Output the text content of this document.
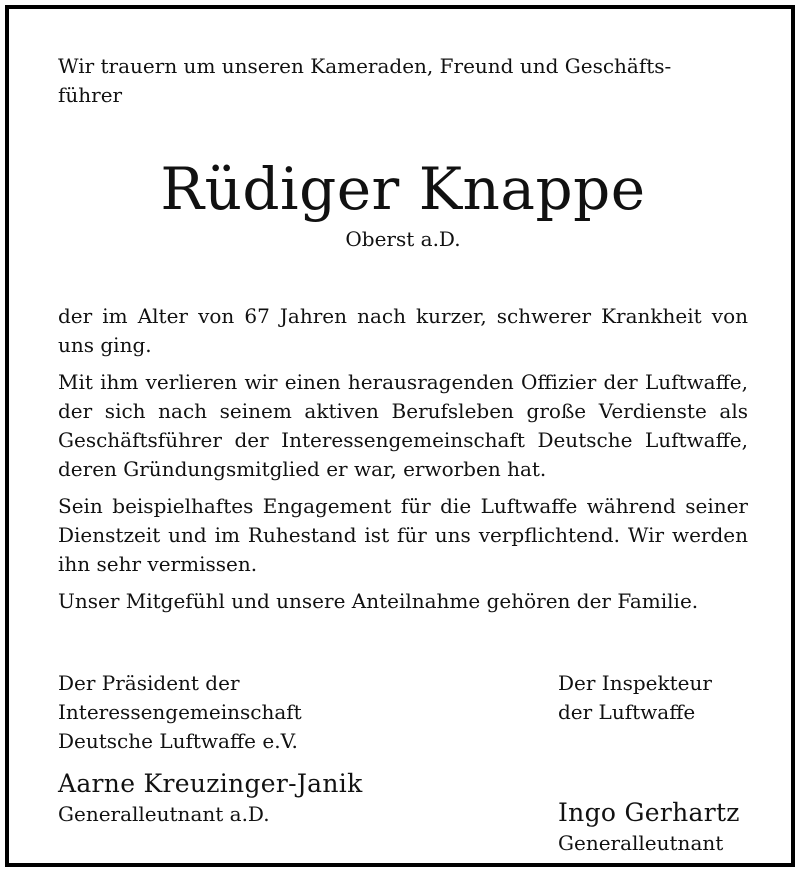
Wir trauern um unseren Kameraden, Freund und Geschäfts-

führer

Rüdiger Knappe

Oberst a.D.

der im Alter von 67 Jahren nach kurzer, schwerer Krankheit von uns ging.

Mit ihm verlieren wir einen herausragenden Offizier der Luftwaffe, der sich nach seinem aktiven Berufsleben große Verdienste als Geschäftsführer der Interessengemeinschaft Deutsche Luftwaffe, deren Gründungsmitglied er war, erworben hat.

Sein beispielhaftes Engagement für die Luftwaffe während seiner Dienstzeit und im Ruhestand ist für uns verpflichtend. Wir werden ihn sehr vermissen.

Unser Mitgefühl und unsere Anteilnahme gehören der Familie.

Der Präsident der
Interessengemeinschaft
Deutsche Luftwaffe e.V.
Aarne Kreuzinger-Janik
Generalleutnant a.D.
Der Inspekteur
der Luftwaffe
Ingo Gerhartz
Generalleutnant
